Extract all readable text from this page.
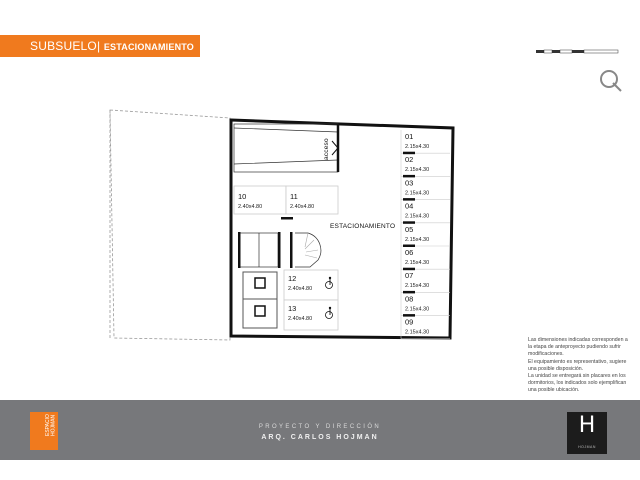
SUBSUELO| ESTACIONAMIENTO
acceso
01
2.15x4.30
02
2.15x4.30
03
2.15x4.30
04
2.15x4.30
05
2.15x4.30
06
2.15x4.30
07
2.15x4.30
08
2.15x4.30
09
2.15x4.30
10
2.40x4.80
11
2.40x4.80
ESTACIONAMIENTO
12
2.40x4.80
13
2.40x4.80

Las dimensiones indicadas corresponden a la etapa de anteproyecto pudiendo sufrir modificaciones.

El equipamiento es representativo, sugiere una posible disposición.

La unidad se entregará sin placares en los dormitorios, los indicados solo ejemplifican una posible ubicación.

ESPACIO HOJMAN	PROYECTO Y DIRECCIÓN
ARQ. CARLOS HOJMAN	H
HOJMAN
